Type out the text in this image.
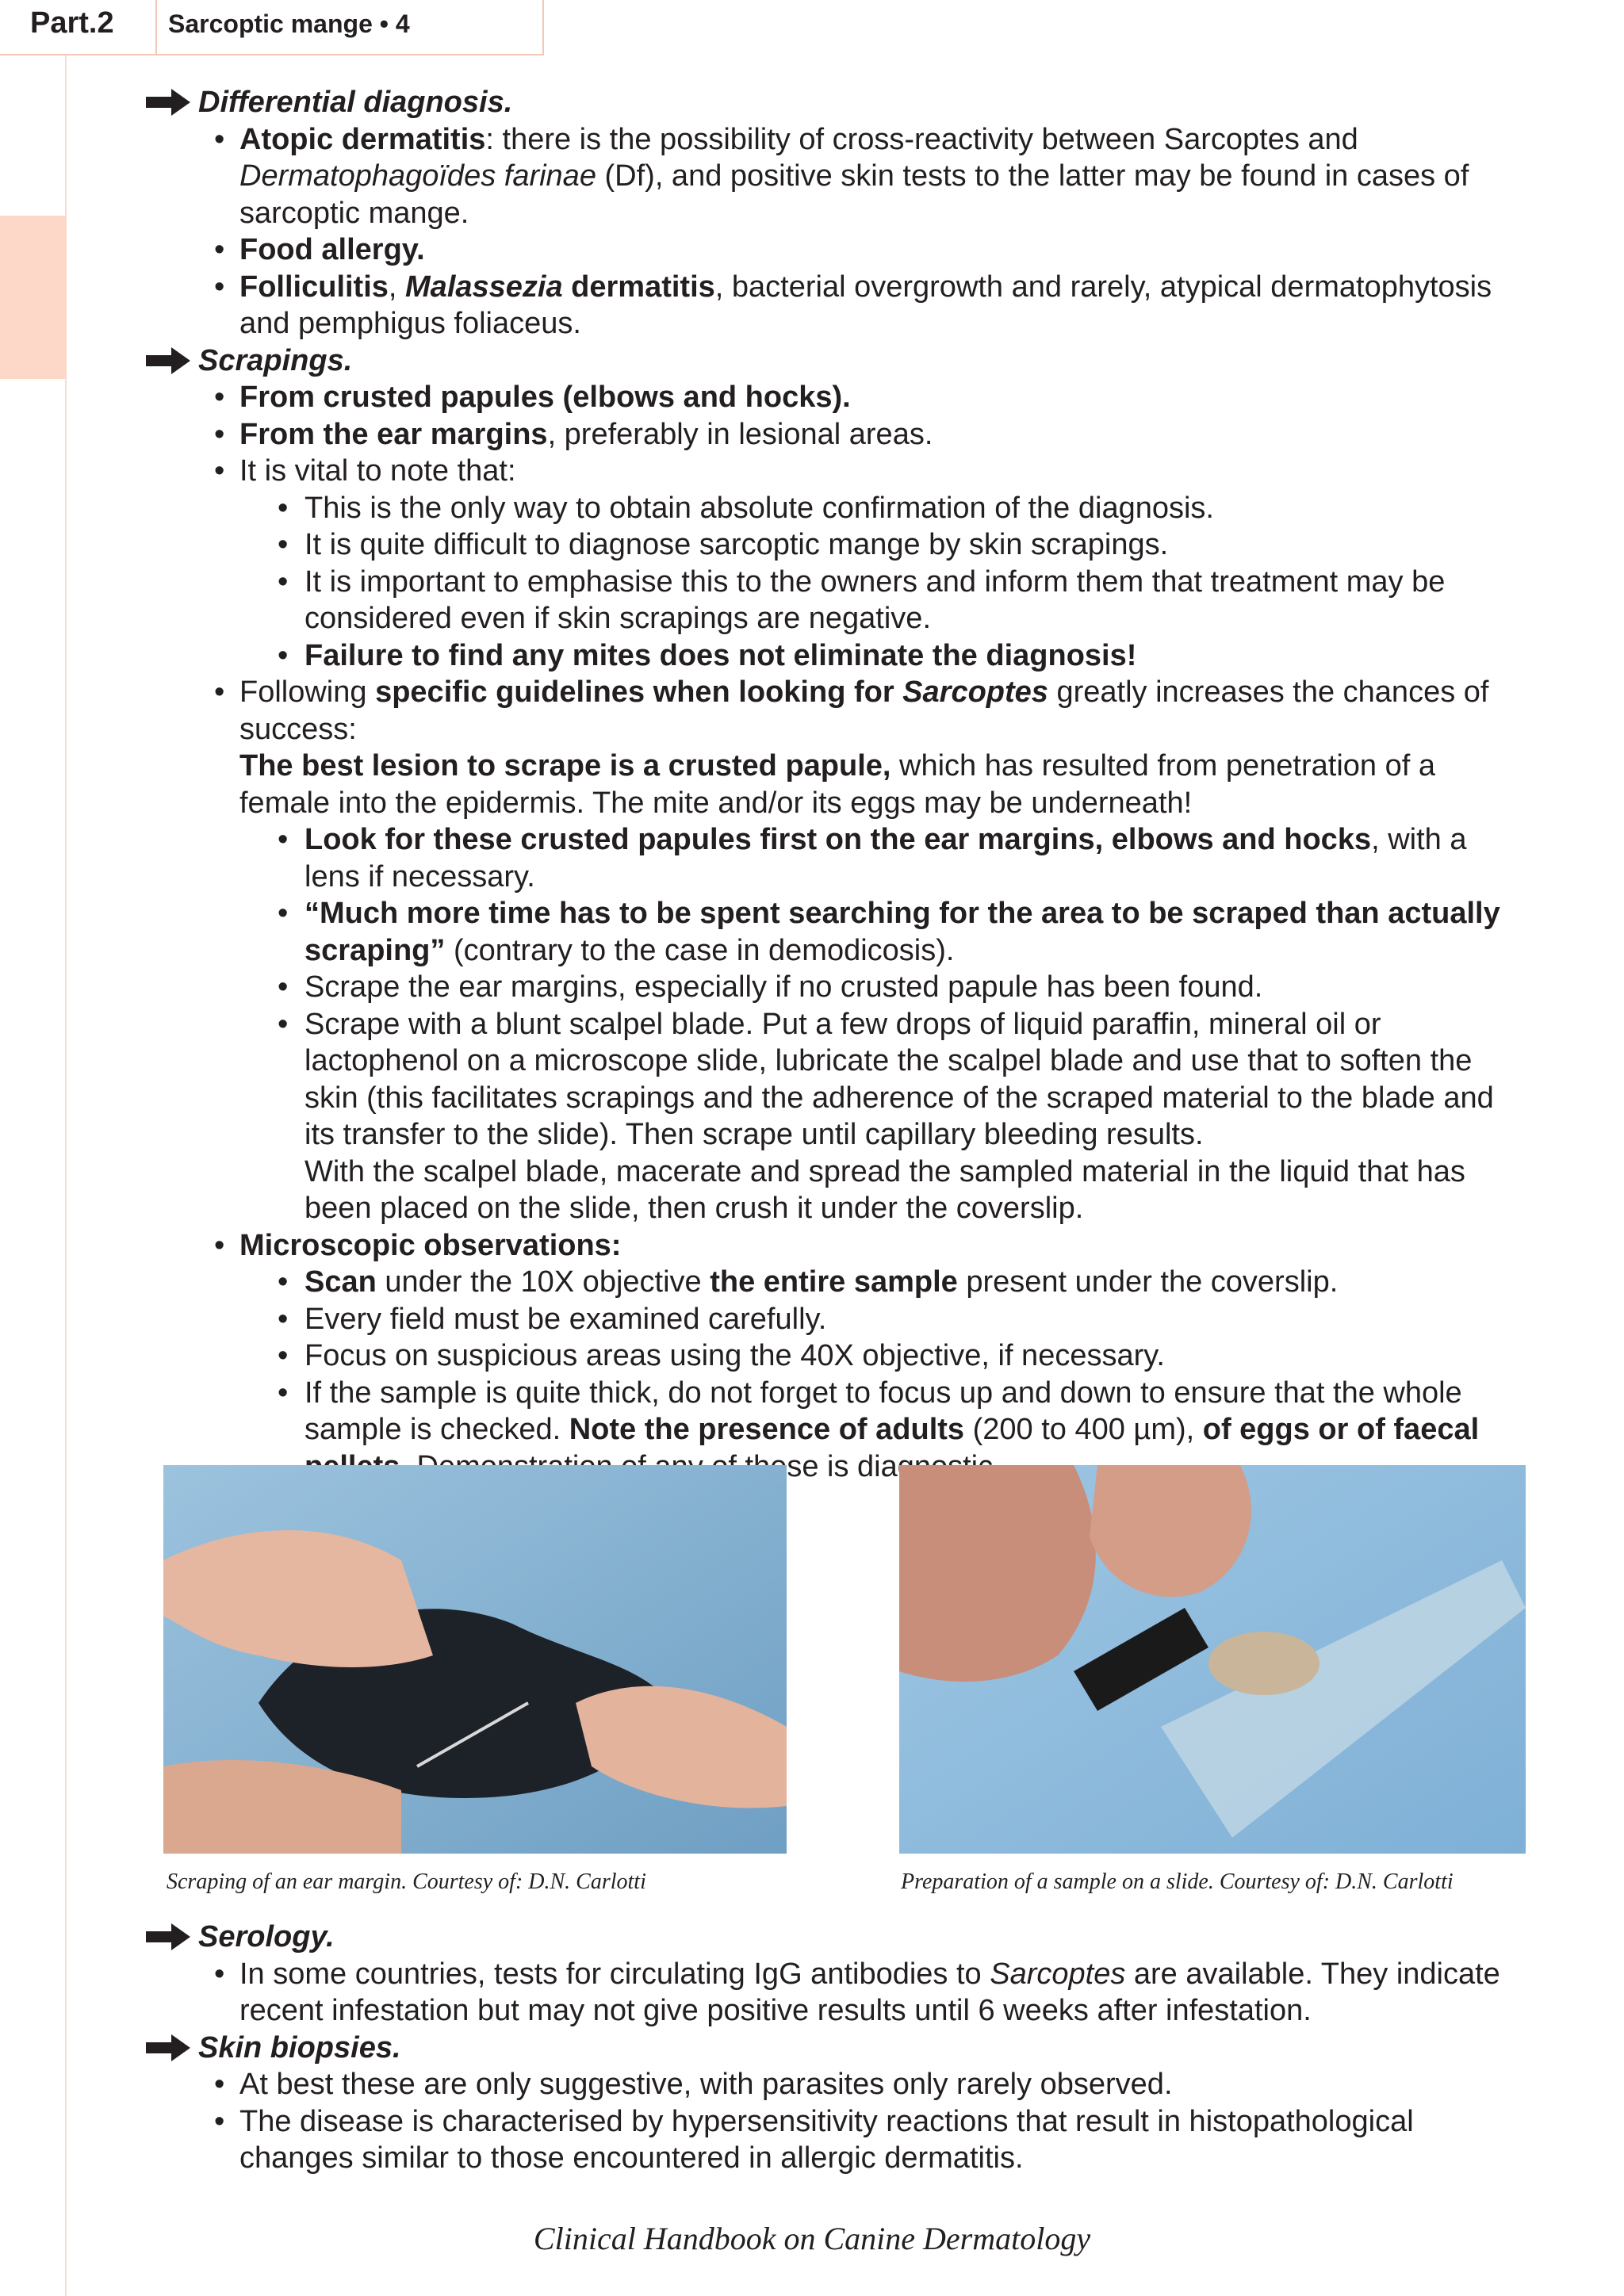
Part.2 Sarcoptic mange • 4
Differential diagnosis.
• Atopic dermatitis: there is the possibility of cross-reactivity between Sarcoptes and Dermatophagoïdes farinae (Df), and positive skin tests to the latter may be found in cases of sarcoptic mange.
• Food allergy.
• Folliculitis, Malassezia dermatitis, bacterial overgrowth and rarely, atypical dermatophytosis and pemphigus foliaceus.
Scrapings.
• From crusted papules (elbows and hocks).
• From the ear margins, preferably in lesional areas.
• It is vital to note that:
• This is the only way to obtain absolute confirmation of the diagnosis.
• It is quite difficult to diagnose sarcoptic mange by skin scrapings.
• It is important to emphasise this to the owners and inform them that treatment may be considered even if skin scrapings are negative.
• Failure to find any mites does not eliminate the diagnosis!
• Following specific guidelines when looking for Sarcoptes greatly increases the chances of success:
The best lesion to scrape is a crusted papule, which has resulted from penetration of a female into the epidermis. The mite and/or its eggs may be underneath!
• Look for these crusted papules first on the ear margins, elbows and hocks, with a lens if necessary.
• “Much more time has to be spent searching for the area to be scraped than actually scraping” (contrary to the case in demodicosis).
• Scrape the ear margins, especially if no crusted papule has been found.
• Scrape with a blunt scalpel blade. Put a few drops of liquid paraffin, mineral oil or lactophenol on a microscope slide, lubricate the scalpel blade and use that to soften the skin (this facilitates scrapings and the adherence of the scraped material to the blade and its transfer to the slide). Then scrape until capillary bleeding results.
With the scalpel blade, macerate and spread the sampled material in the liquid that has been placed on the slide, then crush it under the coverslip.
• Microscopic observations:
• Scan under the 10X objective the entire sample present under the coverslip.
• Every field must be examined carefully.
• Focus on suspicious areas using the 40X objective, if necessary.
• If the sample is quite thick, do not forget to focus up and down to ensure that the whole sample is checked. Note the presence of adults (200 to 400 µm), of eggs or of faecal is
Scraping of an ear margin. Courtesy of: D.N. Carlotti	Preparation of a sample on a slide. Courtesy of: D.N. Carlotti
Serology.
• In some countries, tests for circulating IgG antibodies to Sarcoptes are available. They indicate recent infestation but may not give positive results until 6 weeks after infestation.
Skin biopsies.
• At best these are only suggestive, with parasites only rarely observed.
• The disease is characterised by hypersensitivity reactions that result in histopathological changes similar to those encountered in allergic dermatitis.
Clinical Handbook on Canine Dermatology
